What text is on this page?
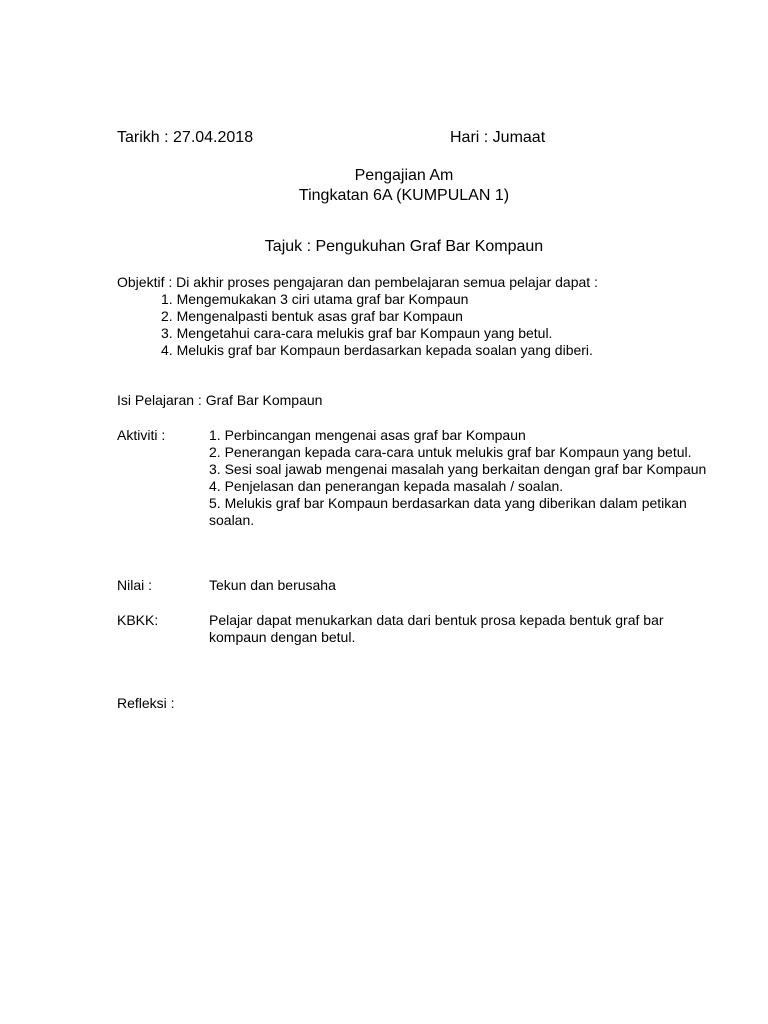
Tarikh : 27.04.2018	Hari : Jumaat
Pengajian Am
Tingkatan 6A (KUMPULAN 1)
Tajuk : Pengukuhan Graf Bar Kompaun
Objektif : Di akhir proses pengajaran dan pembelajaran semua pelajar dapat :
1. Mengemukakan 3 ciri utama graf bar Kompaun
2. Mengenalpasti bentuk asas graf bar Kompaun
3. Mengetahui cara-cara melukis graf bar Kompaun yang betul.
4. Melukis graf bar Kompaun berdasarkan kepada soalan yang diberi.
Isi Pelajaran : Graf Bar Kompaun
Aktiviti :	1. Perbincangan mengenai asas graf bar Kompaun
2. Penerangan kepada cara-cara untuk melukis graf bar Kompaun yang betul.
3. Sesi soal jawab mengenai masalah yang berkaitan dengan graf bar Kompaun
4. Penjelasan dan penerangan kepada masalah / soalan.
5. Melukis graf bar Kompaun berdasarkan data yang diberikan dalam petikan soalan.
Nilai :	Tekun dan berusaha
KBKK:	Pelajar dapat menukarkan data dari bentuk prosa kepada bentuk graf bar kompaun dengan betul.
Refleksi :
